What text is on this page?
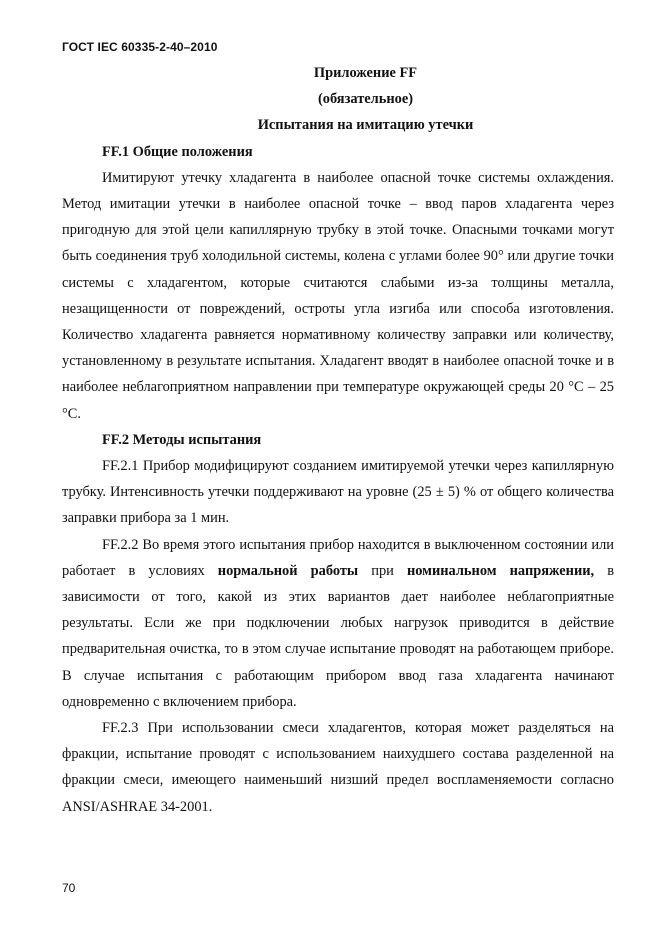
ГОСТ IEC 60335-2-40–2010

Приложение FF

(обязательное)

Испытания на имитацию утечки

FF.1 Общие положения

Имитируют утечку хладагента в наиболее опасной точке системы охлаждения. Метод имитации утечки в наиболее опасной точке – ввод паров хладагента через пригодную для этой цели капиллярную трубку в этой точке. Опасными точками могут быть соединения труб холодильной системы, колена с углами более 90° или другие точки системы с хладагентом, которые считаются слабыми из-за толщины металла, незащищенности от повреждений, остроты угла изгиба или способа изготовления. Количество хладагента равняется нормативному количеству заправки или количеству, установленному в результате испытания. Хладагент вводят в наиболее опасной точке и в наиболее неблагоприятном направлении при температуре окружающей среды 20 °С – 25 °С.

FF.2 Методы испытания

FF.2.1 Прибор модифицируют созданием имитируемой утечки через капиллярную трубку. Интенсивность утечки поддерживают на уровне (25 ± 5) % от общего количества заправки прибора за 1 мин.

FF.2.2 Во время этого испытания прибор находится в выключенном состоянии или работает в условиях нормальной работы при номинальном напряжении, в зависимости от того, какой из этих вариантов дает наиболее неблагоприятные результаты. Если же при подключении любых нагрузок приводится в действие предварительная очистка, то в этом случае испытание проводят на работающем приборе. В случае испытания с работающим прибором ввод газа хладагента начинают одновременно с включением прибора.

FF.2.3 При использовании смеси хладагентов, которая может разделяться на фракции, испытание проводят с использованием наихудшего состава разделенной на фракции смеси, имеющего наименьший низший предел воспламеняемости согласно ANSI/ASHRAE 34-2001.

70
